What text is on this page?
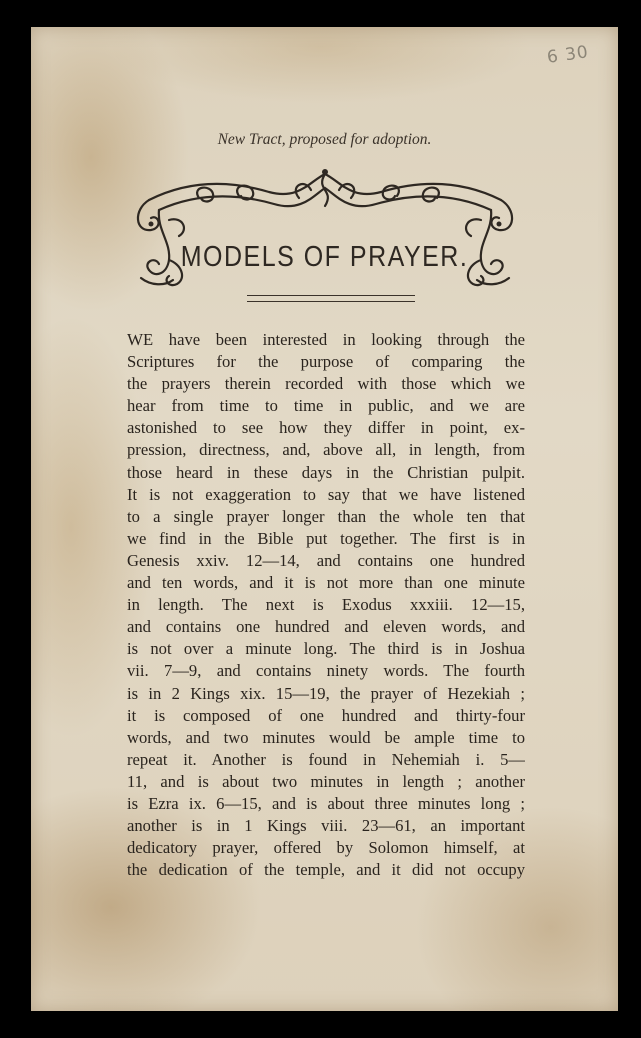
6 30
New Tract, proposed for adoption.
MODELS OF PRAYER.
WE have been interested in looking through the
Scriptures for the purpose of comparing the
the prayers therein recorded with those which we
hear from time to time in public, and we are
astonished to see how they differ in point, ex-
pression, directness, and, above all, in length, from
those heard in these days in the Christian pulpit.
It is not exaggeration to say that we have listened
to a single prayer longer than the whole ten that
we find in the Bible put together. The first is in
Genesis xxiv. 12—14, and contains one hundred
and ten words, and it is not more than one minute
in length. The next is Exodus xxxiii. 12—15,
and contains one hundred and eleven words, and
is not over a minute long. The third is in Joshua
vii. 7—9, and contains ninety words. The fourth
is in 2 Kings xix. 15—19, the prayer of Hezekiah ;
it is composed of one hundred and thirty-four
words, and two minutes would be ample time to
repeat it. Another is found in Nehemiah i. 5—
11, and is about two minutes in length ; another
is Ezra ix. 6—15, and is about three minutes long ;
another is in 1 Kings viii. 23—61, an important
dedicatory prayer, offered by Solomon himself, at
the dedication of the temple, and it did not occupy
